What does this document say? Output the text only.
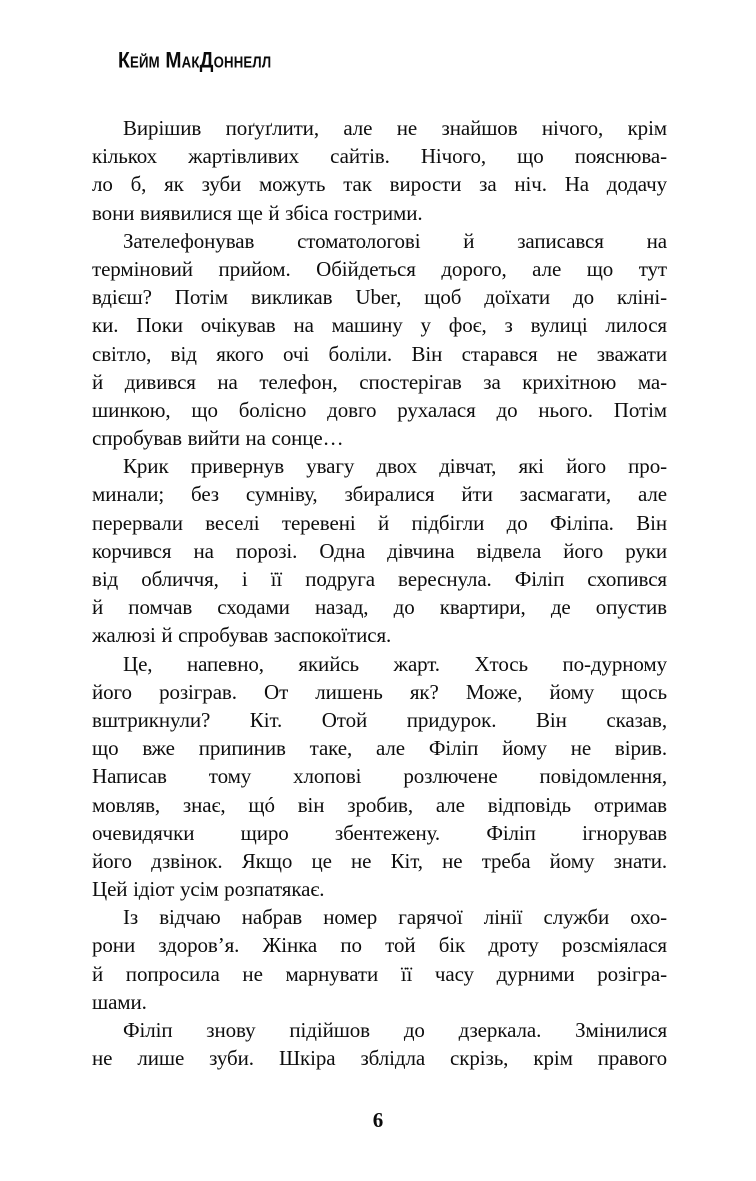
Кейм МакДоннелл
Вирішив поґуґлити, але не знайшов нічого, крім
кількох жартівливих сайтів. Нічого, що пояснюва-
ло б, як зуби можуть так вирости за ніч. На додачу
вони виявилися ще й збіса гострими.
Зателефонував стоматологові й записався на
терміновий прийом. Обійдеться дорого, але що тут
вдієш? Потім викликав Uber, щоб доїхати до кліні-
ки. Поки очікував на машину у фоє, з вулиці лилося
світло, від якого очі боліли. Він старався не зважати
й дивився на телефон, спостерігав за крихітною ма-
шинкою, що болісно довго рухалася до нього. Потім
спробував вийти на сонце…
Крик привернув увагу двох дівчат, які його про-
минали; без сумніву, збиралися йти засмагати, але
перервали веселі теревені й підбігли до Філіпа. Він
корчився на порозі. Одна дівчина відвела його руки
від обличчя, і її подруга вереснула. Філіп схопився
й помчав сходами назад, до квартири, де опустив
жалюзі й спробував заспокоїтися.
Це, напевно, якийсь жарт. Хтось по-дурному
його розіграв. От лишень як? Може, йому щось
вштрикнули? Кіт. Отой придурок. Він сказав,
що вже припинив таке, але Філіп йому не вірив.
Написав тому хлопові розлючене повідомлення,
мовляв, знає, щó він зробив, але відповідь отримав
очевидячки щиро збентежену. Філіп ігнорував
його дзвінок. Якщо це не Кіт, не треба йому знати.
Цей ідіот усім розпатякає.
Із відчаю набрав номер гарячої лінії служби охо-
рони здоров’я. Жінка по той бік дроту розсміялася
й попросила не марнувати її часу дурними розігра-
шами.
Філіп знову підійшов до дзеркала. Змінилися
не лише зуби. Шкіра зблідла скрізь, крім правого
6
